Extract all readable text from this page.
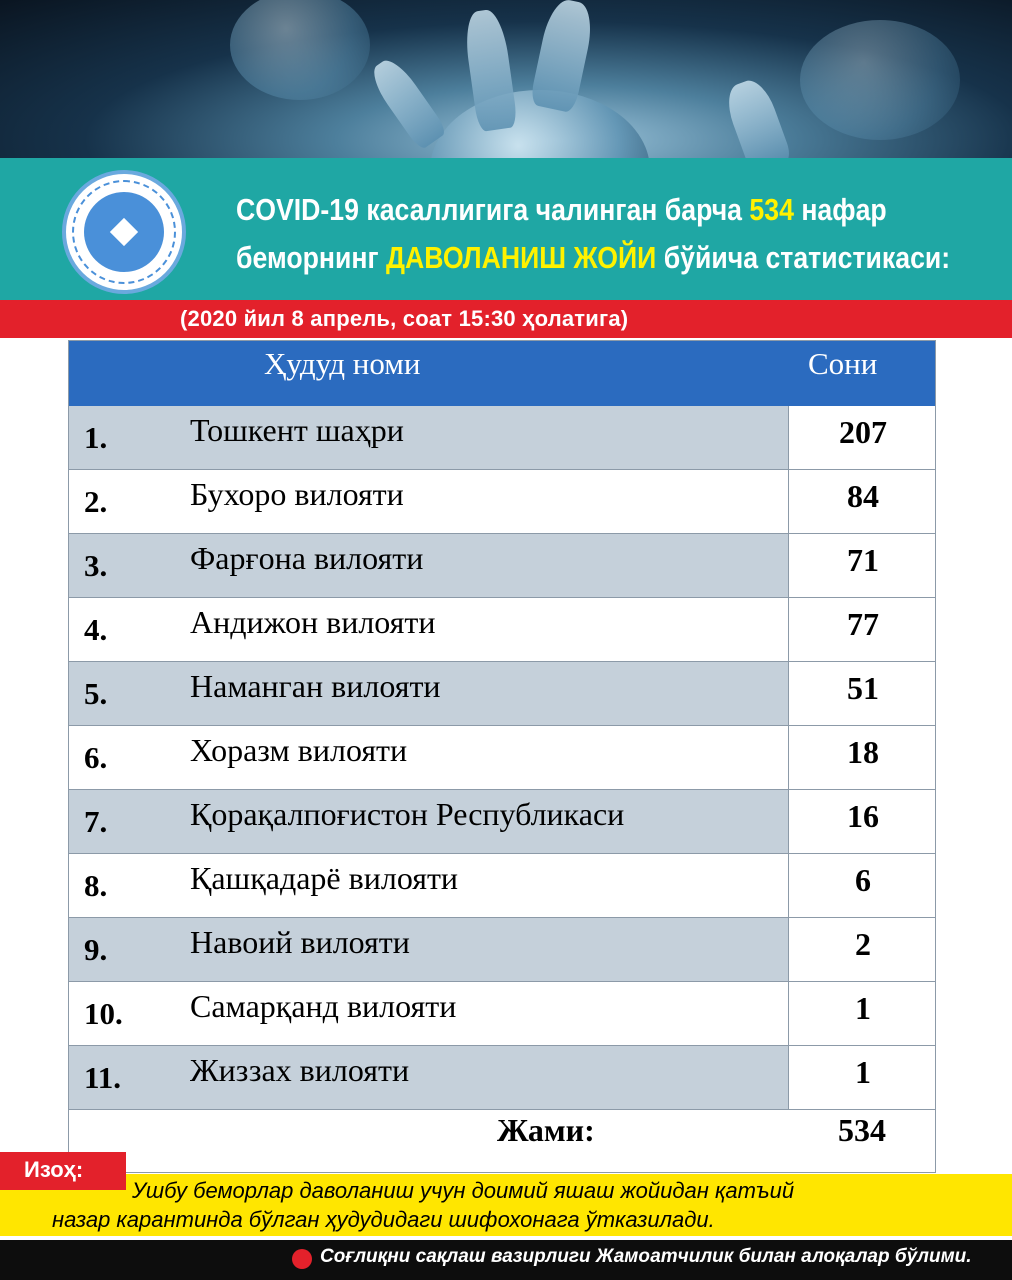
COVID-19 касаллигига чалинган барча 534 нафар
беморнинг ДАВОЛАНИШ ЖОЙИ бўйича статистикаси:
(2020 йил 8 апрель, соат 15:30 ҳолатига)
Ҳудуд номи	Сони
1.	Тошкент шаҳри	207
2.	Бухоро вилояти	84
3.	Фарғона вилояти	71
4.	Андижон вилояти	77
5.	Наманган вилояти	51
6.	Хоразм вилояти	18
7.	Қорақалпоғистон Республикаси	16
8.	Қашқадарё вилояти	6
9.	Навоий вилояти	2
10. Самарқанд вилояти	1
11. Жиззах вилояти	1
Жами:	534
Изоҳ:
Ушбу беморлар даволаниш учун доимий яшаш жойидан қатъий
назар карантинда бўлган ҳудудидаги шифохонага ўтказилади.
Соғлиқни сақлаш вазирлиги Жамоатчилик билан алоқалар бўлими.
